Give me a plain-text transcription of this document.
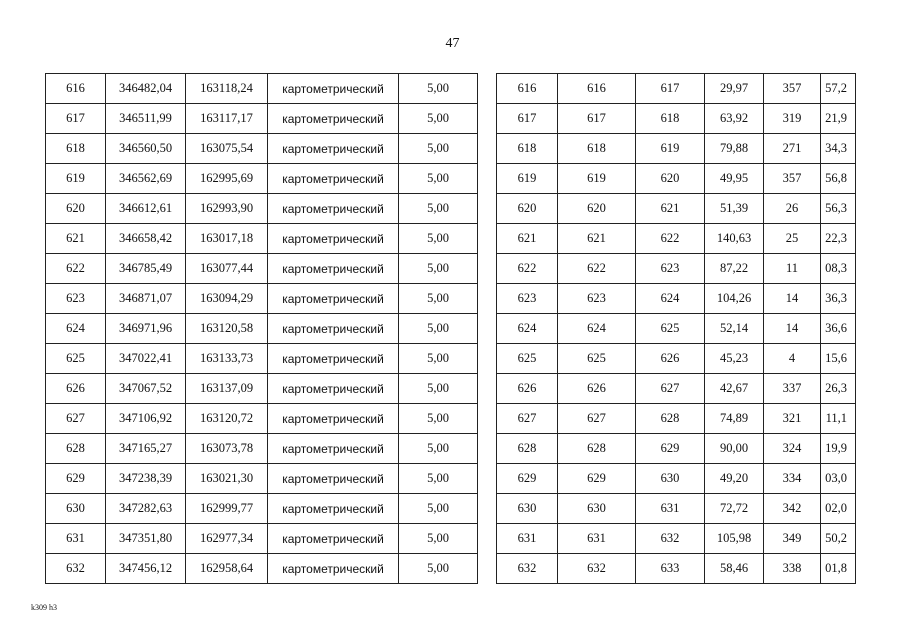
47
616	346482,04	163118,24	картометрический	5,00
617	346511,99	163117,17	картометрический	5,00
618	346560,50	163075,54	картометрический	5,00
619	346562,69	162995,69	картометрический	5,00
620	346612,61	162993,90	картометрический	5,00
621	346658,42	163017,18	картометрический	5,00
622	346785,49	163077,44	картометрический	5,00
623	346871,07	163094,29	картометрический	5,00
624	346971,96	163120,58	картометрический	5,00
625	347022,41	163133,73	картометрический	5,00
626	347067,52	163137,09	картометрический	5,00
627	347106,92	163120,72	картометрический	5,00
628	347165,27	163073,78	картометрический	5,00
629	347238,39	163021,30	картометрический	5,00
630	347282,63	162999,77	картометрический	5,00
631	347351,80	162977,34	картометрический	5,00
632	347456,12	162958,64	картометрический	5,00
616	616	617	29,97	357	57,2
617	617	618	63,92	319	21,9
618	618	619	79,88	271	34,3
619	619	620	49,95	357	56,8
620	620	621	51,39	26	56,3
621	621	622	140,63	25	22,3
622	622	623	87,22	11	08,3
623	623	624	104,26	14	36,3
624	624	625	52,14	14	36,6
625	625	626	45,23	4	15,6
626	626	627	42,67	337	26,3
627	627	628	74,89	321	11,1
628	628	629	90,00	324	19,9
629	629	630	49,20	334	03,0
630	630	631	72,72	342	02,0
631	631	632	105,98	349	50,2
632	632	633	58,46	338	01,8
k309 h3
